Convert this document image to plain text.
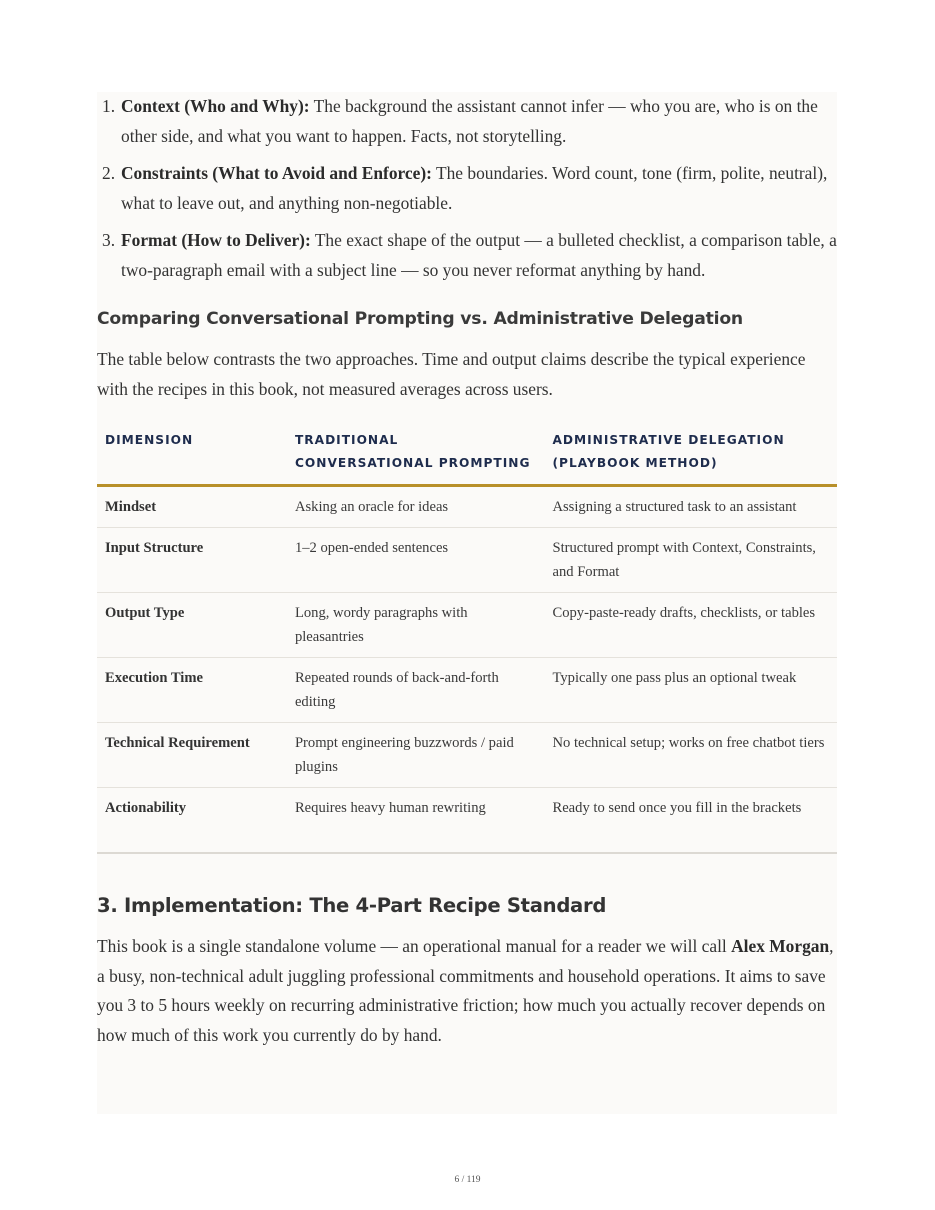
1. Context (Who and Why): The background the assistant cannot infer — who you are, who is on the other side, and what you want to happen. Facts, not storytelling.
2. Constraints (What to Avoid and Enforce): The boundaries. Word count, tone (firm, polite, neutral), what to leave out, and anything non-negotiable.
3. Format (How to Deliver): The exact shape of the output — a bulleted checklist, a comparison table, a two-paragraph email with a subject line — so you never reformat anything by hand.
Comparing Conversational Prompting vs. Administrative Delegation

The table below contrasts the two approaches. Time and output claims describe the typical experience with the recipes in this book, not measured averages across users.

DIMENSION	TRADITIONAL CONVERSATIONAL PROMPTING	ADMINISTRATIVE DELEGATION (PLAYBOOK METHOD)
Mindset	Asking an oracle for ideas	Assigning a structured task to an assistant
Input Structure	1–2 open-ended sentences	Structured prompt with Context, Constraints, and Format
Output Type	Long, wordy paragraphs with pleasantries	Copy-paste-ready drafts, checklists, or tables
Execution Time	Repeated rounds of back-and-forth editing	Typically one pass plus an optional tweak
Technical Requirement	Prompt engineering buzzwords / paid plugins	No technical setup; works on free chatbot tiers
Actionability	Requires heavy human rewriting	Ready to send once you fill in the brackets
3. Implementation: The 4-Part Recipe Standard

This book is a single standalone volume — an operational manual for a reader we will call Alex Morgan, a busy, non-technical adult juggling professional commitments and household operations. It aims to save you 3 to 5 hours weekly on recurring administrative friction; how much you actually recover depends on how much of this work you currently do by hand.

6 / 119
